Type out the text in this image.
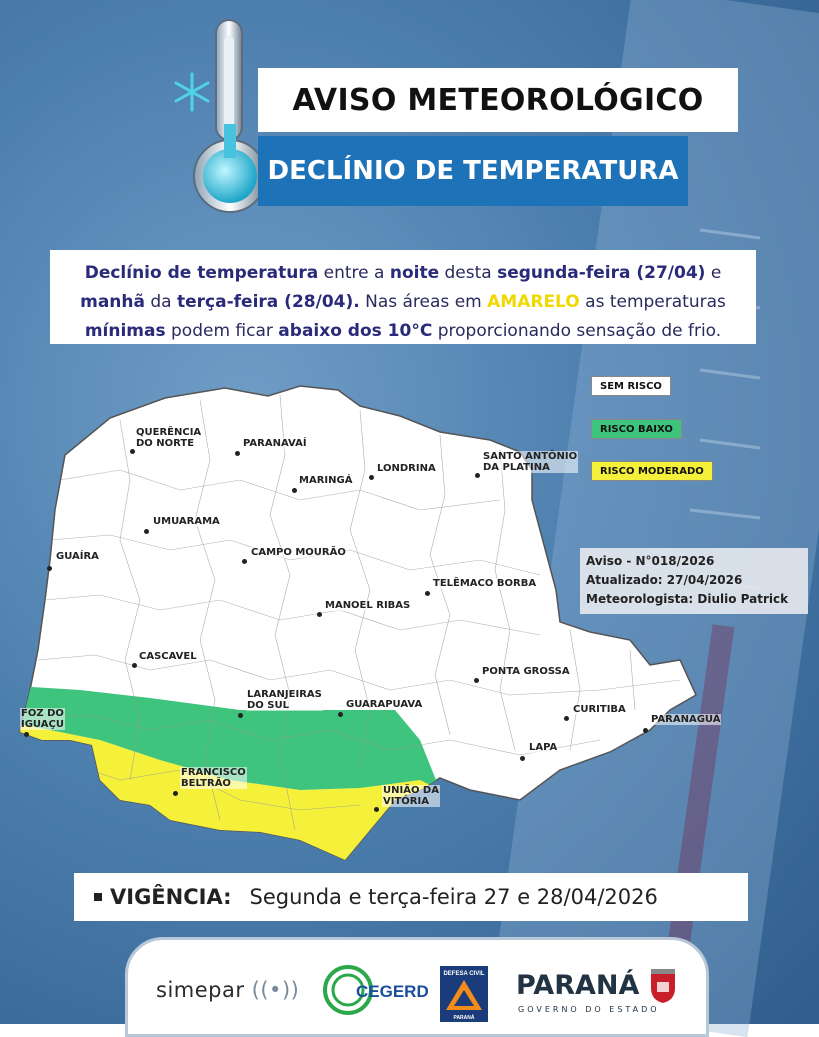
AVISO METEOROLÓGICO
DECLÍNIO DE TEMPERATURA
Declínio de temperatura entre a noite desta segunda-feira (27/04) e manhã da terça-feira (28/04). Nas áreas em AMARELO as temperaturas mínimas podem ficar abaixo dos 10°C proporcionando sensação de frio.
QUERÊNCIA
DO NORTE	PARANAVAÍ
SANTO ANTÔNIO
DA PLATINA
LONDRINA
MARINGÁ
UMUARAMA
GUAÍRA	CAMPO MOURÃO
TELÊMACO BORBA
MANOEL RIBAS
CASCAVEL
PONTA GROSSA
LARANJEIRAS
DO SUL	GUARAPUAVA
FOZ DO
IGUAÇU
CURITIBA
PARANAGUÁ
LAPA
FRANCISCO
BELTRÃO
UNIÃO DA
VITÓRIA
SEM RISCO
RISCO BAIXO
RISCO MODERADO
Aviso - N°018/2026
Atualizado: 27/04/2026
Meteorologista: Diulio Patrick
VIGÊNCIA: Segunda e terça-feira 27 e 28/04/2026
simepar ((•))	CEGERD
DEFESA CIVIL
PARANÁ
PARANÁ
GOVERNO DO ESTADO
